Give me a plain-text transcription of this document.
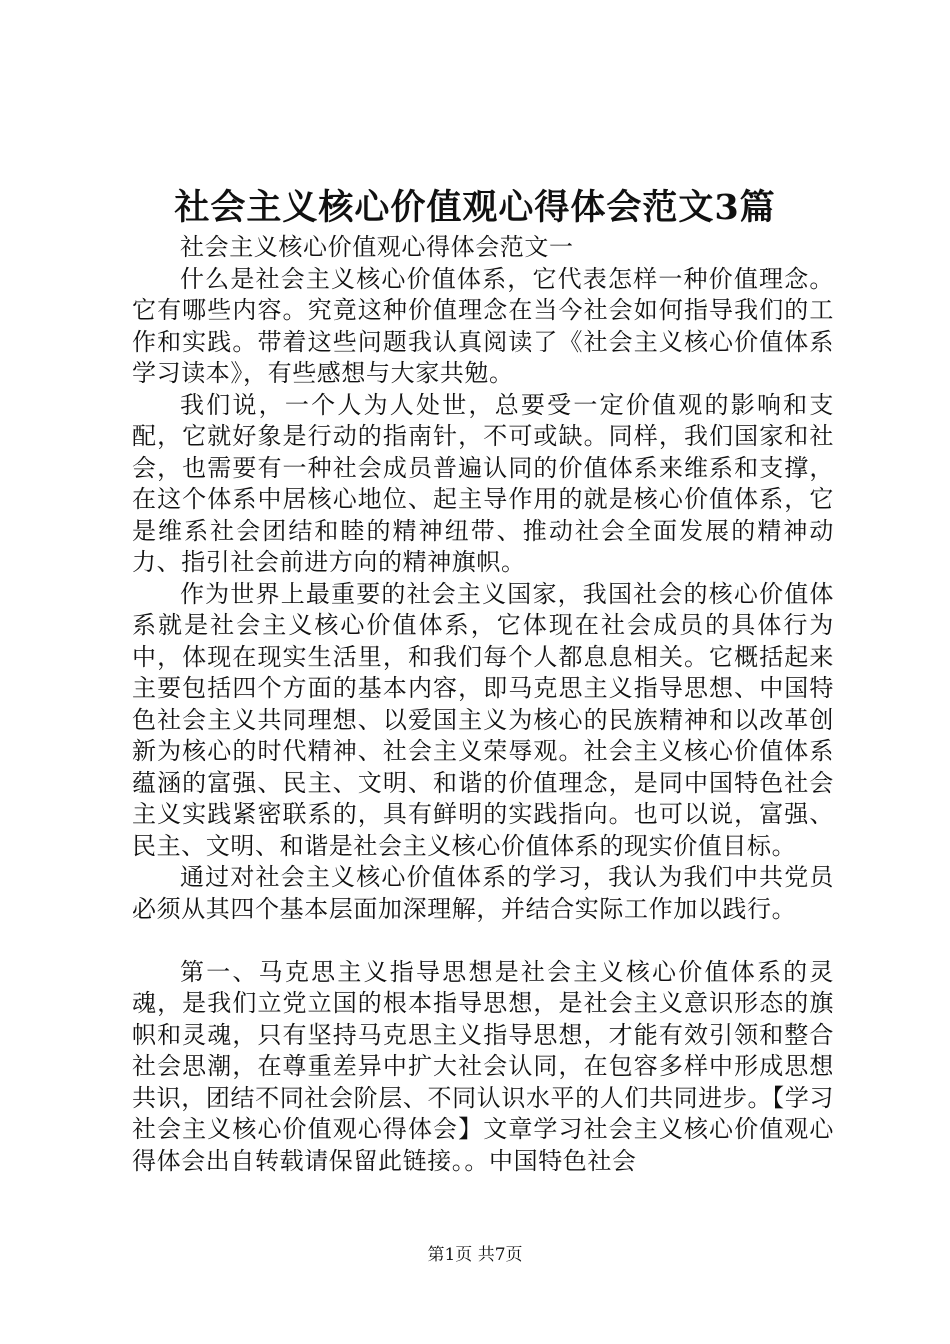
社会主义核心价值观心得体会范文3篇

社会主义核心价值观心得体会范文一

什么是社会主义核心价值体系，它代表怎样一种价值理念。它有哪些内容。究竟这种价值理念在当今社会如何指导我们的工作和实践。带着这些问题我认真阅读了《社会主义核心价值体系学习读本》，有些感想与大家共勉。

我们说，一个人为人处世，总要受一定价值观的影响和支配，它就好象是行动的指南针，不可或缺。同样，我们国家和社会，也需要有一种社会成员普遍认同的价值体系来维系和支撑，在这个体系中居核心地位、起主导作用的就是核心价值体系，它是维系社会团结和睦的精神纽带、推动社会全面发展的精神动力、指引社会前进方向的精神旗帜。

作为世界上最重要的社会主义国家，我国社会的核心价值体系就是社会主义核心价值体系，它体现在社会成员的具体行为中，体现在现实生活里，和我们每个人都息息相关。它概括起来主要包括四个方面的基本内容，即马克思主义指导思想、中国特色社会主义共同理想、以爱国主义为核心的民族精神和以改革创新为核心的时代精神、社会主义荣辱观。社会主义核心价值体系蕴涵的富强、民主、文明、和谐的价值理念，是同中国特色社会主义实践紧密联系的，具有鲜明的实践指向。也可以说，富强、民主、文明、和谐是社会主义核心价值体系的现实价值目标。

通过对社会主义核心价值体系的学习，我认为我们中共党员必须从其四个基本层面加深理解，并结合实际工作加以践行。

第一、马克思主义指导思想是社会主义核心价值体系的灵魂，是我们立党立国的根本指导思想，是社会主义意识形态的旗帜和灵魂，只有坚持马克思主义指导思想，才能有效引领和整合社会思潮，在尊重差异中扩大社会认同，在包容多样中形成思想共识，团结不同社会阶层、不同认识水平的人们共同进步。【学习社会主义核心价值观心得体会】文章学习社会主义核心价值观心得体会出自转载请保留此链接。。中国特色社会

第1页 共7页
